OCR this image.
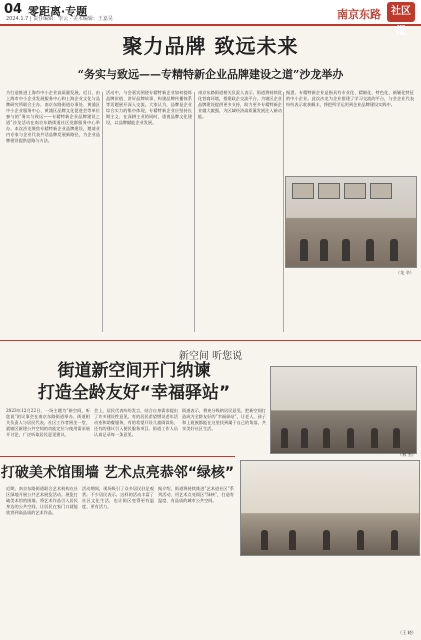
04 零距离·专题
2024.1.7 | 责任编辑：李云 · 美术编辑：王嘉昊	南京东路	社区报
聚力品牌 致远未来
“务实与致远——专精特新企业品牌建设之道”沙龙举办
为打造推进上海市中小企业高质量发展，近日，由上海市中小企业发展服务中心和上海企业文化与品牌研究所联合主办，南京东路街道办事处、黄浦区中小企业服务中心、黄浦区品牌文化促进会等单位参与的“务实与致远——专精特新企业品牌建设之道”沙龙活动在南京东路街道社区党群服务中心举办。本次沙龙聚焦专精特新企业品牌建设，邀请业内专家与企业代表共话品牌发展新路径，为企业品牌建设提供思路与方法。
活动中，与会嘉宾围绕专精特新企业如何提炼品牌价值、讲好品牌故事、构建品牌传播体系等话题展开深入交流。大家认为，品牌是企业综合实力的集中体现，专精特新企业应坚持长期主义，在深耕主业的同时，重视品牌文化建设，以品牌赋能企业发展。
南京东路街道相关负责人表示，街道将持续优化营商环境，搭建政企交流平台，为辖区企业品牌建设提供更多支持，助力更多专精特新企业做大做强，为区域经济高质量发展注入新动能。
据悉，专精特新企业是指具有专业化、精细化、特色化、新颖化特征的中小企业。此次沙龙为企业搭建了学习交流的平台，与会企业代表纷纷表示收获颇丰，将把所学运用到企业品牌建设实践中。
（龙 辛）
新空间 听您说
街道新空间开门纳谏
打造全龄友好“幸福驿站”
2023年12月22日，一场主题为“新空间，听您说”的议事会在南京东路街道举办。街道相关负责人与居民代表、社区工作者围坐一堂，就辖区新建公共空间的功能定位与使用需求展开讨论，广泛听取居民意见建议。
会上，居民代表纷纷发言，结合自身需求提出了许多建设性意见。有的居民希望增设老年活动室和助餐服务，有的希望开设儿童阅读角，还有的建议引入便民服务项目。街道工作人员认真记录每一条意见。
街道表示，将充分吸纳居民意见，把新空间打造成为全龄友好的“幸福驿站”，让老人、孩子和上班族都能在这里找到属于自己的角落，共享美好社区生活。
（林 杰）
打破美术馆围墙 艺术点亮恭邻“绿核”
近期，南京东路街道联合艺术机构在社区绿地开展公共艺术展览活动。展览打破美术馆的围墙，将艺术作品引入居民身边的公共空间，让居民在家门口就能欣赏到高品质的艺术作品。
活动期间，现场吸引了众多居民驻足观赏。不少居民表示，这样的活动丰富了社区文化生活，也让街区变得更有温度、更有活力。
据介绍，街道将持续推进“艺术进社区”系列活动，用艺术点亮街区“绿核”，打造有温度、有品质的城市公共空间。
（王 晓）
